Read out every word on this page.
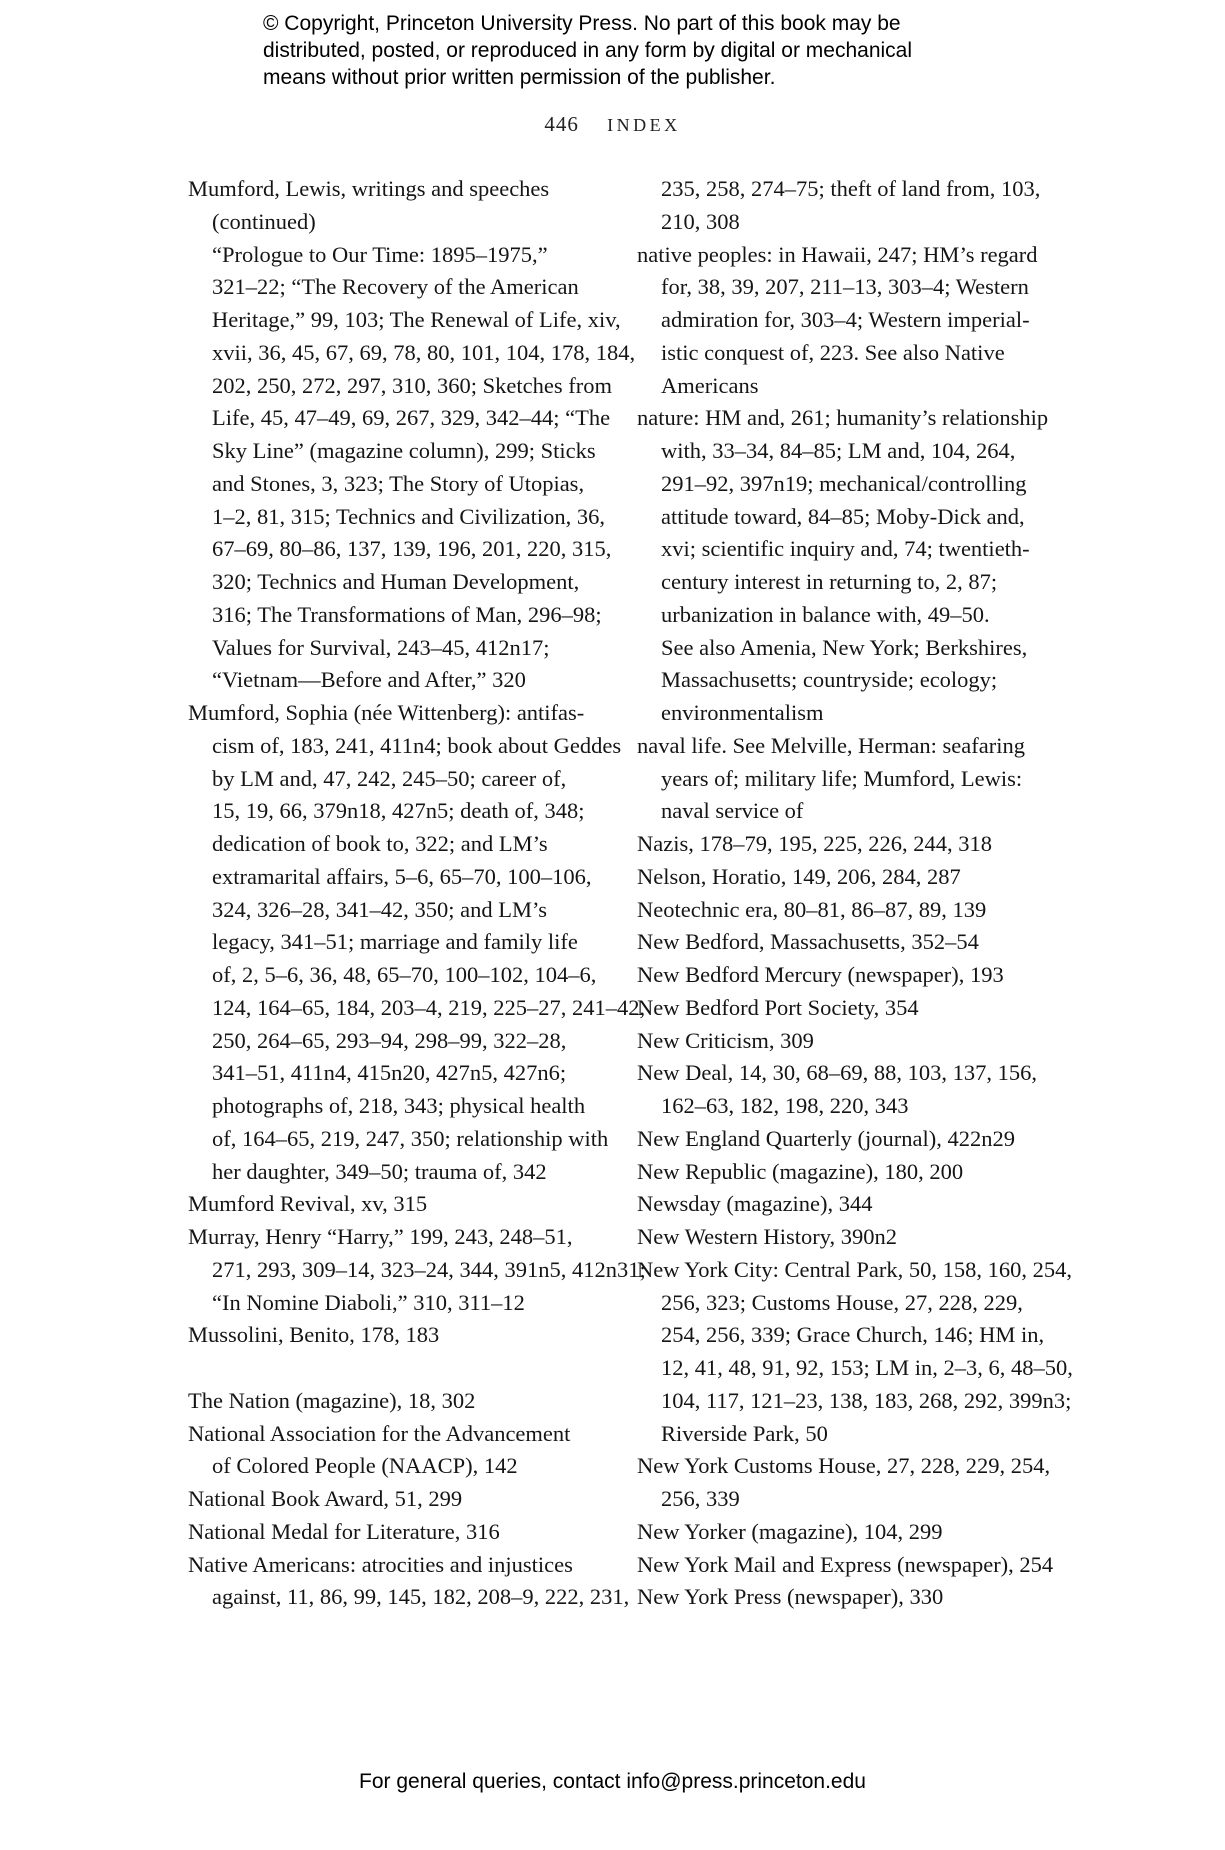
© Copyright, Princeton University Press. No part of this book may be
distributed, posted, or reproduced in any form by digital or mechanical
means without prior written permission of the publisher.
446 INDEX
Mumford, Lewis, writings and speeches
(continued)
“Prologue to Our Time: 1895–1975,”
321–22; “The Recovery of the American
Heritage,” 99, 103; The Renewal of Life, xiv,
xvii, 36, 45, 67, 69, 78, 80, 101, 104, 178, 184,
202, 250, 272, 297, 310, 360; Sketches from
Life, 45, 47–49, 69, 267, 329, 342–44; “The
Sky Line” (magazine column), 299; Sticks
and Stones, 3, 323; The Story of Utopias,
1–2, 81, 315; Technics and Civilization, 36,
67–69, 80–86, 137, 139, 196, 201, 220, 315,
320; Technics and Human Development,
316; The Transformations of Man, 296–98;
Values for Survival, 243–45, 412n17;
“Vietnam—Before and After,” 320
Mumford, Sophia (née Wittenberg): antifas-
cism of, 183, 241, 411n4; book about Geddes
by LM and, 47, 242, 245–50; career of,
15, 19, 66, 379n18, 427n5; death of, 348;
dedication of book to, 322; and LM’s
extramarital affairs, 5–6, 65–70, 100–106,
324, 326–28, 341–42, 350; and LM’s
legacy, 341–51; marriage and family life
of, 2, 5–6, 36, 48, 65–70, 100–102, 104–6,
124, 164–65, 184, 203–4, 219, 225–27, 241–42,
250, 264–65, 293–94, 298–99, 322–28,
341–51, 411n4, 415n20, 427n5, 427n6;
photographs of, 218, 343; physical health
of, 164–65, 219, 247, 350; relationship with
her daughter, 349–50; trauma of, 342
Mumford Revival, xv, 315
Murray, Henry “Harry,” 199, 243, 248–51,
271, 293, 309–14, 323–24, 344, 391n5, 412n31;
“In Nomine Diaboli,” 310, 311–12
Mussolini, Benito, 178, 183
The Nation (magazine), 18, 302
National Association for the Advancement
of Colored People (NAACP), 142
National Book Award, 51, 299
National Medal for Literature, 316
Native Americans: atrocities and injustices
against, 11, 86, 99, 145, 182, 208–9, 222, 231,
235, 258, 274–75; theft of land from, 103,
210, 308
native peoples: in Hawaii, 247; HM’s regard
for, 38, 39, 207, 211–13, 303–4; Western
admiration for, 303–4; Western imperial-
istic conquest of, 223. See also Native
Americans
nature: HM and, 261; humanity’s relationship
with, 33–34, 84–85; LM and, 104, 264,
291–92, 397n19; mechanical/controlling
attitude toward, 84–85; Moby-Dick and,
xvi; scientific inquiry and, 74; twentieth-
century interest in returning to, 2, 87;
urbanization in balance with, 49–50.
See also Amenia, New York; Berkshires,
Massachusetts; countryside; ecology;
environmentalism
naval life. See Melville, Herman: seafaring
years of; military life; Mumford, Lewis:
naval service of
Nazis, 178–79, 195, 225, 226, 244, 318
Nelson, Horatio, 149, 206, 284, 287
Neotechnic era, 80–81, 86–87, 89, 139
New Bedford, Massachusetts, 352–54
New Bedford Mercury (newspaper), 193
New Bedford Port Society, 354
New Criticism, 309
New Deal, 14, 30, 68–69, 88, 103, 137, 156,
162–63, 182, 198, 220, 343
New England Quarterly (journal), 422n29
New Republic (magazine), 180, 200
Newsday (magazine), 344
New Western History, 390n2
New York City: Central Park, 50, 158, 160, 254,
256, 323; Customs House, 27, 228, 229,
254, 256, 339; Grace Church, 146; HM in,
12, 41, 48, 91, 92, 153; LM in, 2–3, 6, 48–50,
104, 117, 121–23, 138, 183, 268, 292, 399n3;
Riverside Park, 50
New York Customs House, 27, 228, 229, 254,
256, 339
New Yorker (magazine), 104, 299
New York Mail and Express (newspaper), 254
New York Press (newspaper), 330
For general queries, contact info@press.princeton.edu
